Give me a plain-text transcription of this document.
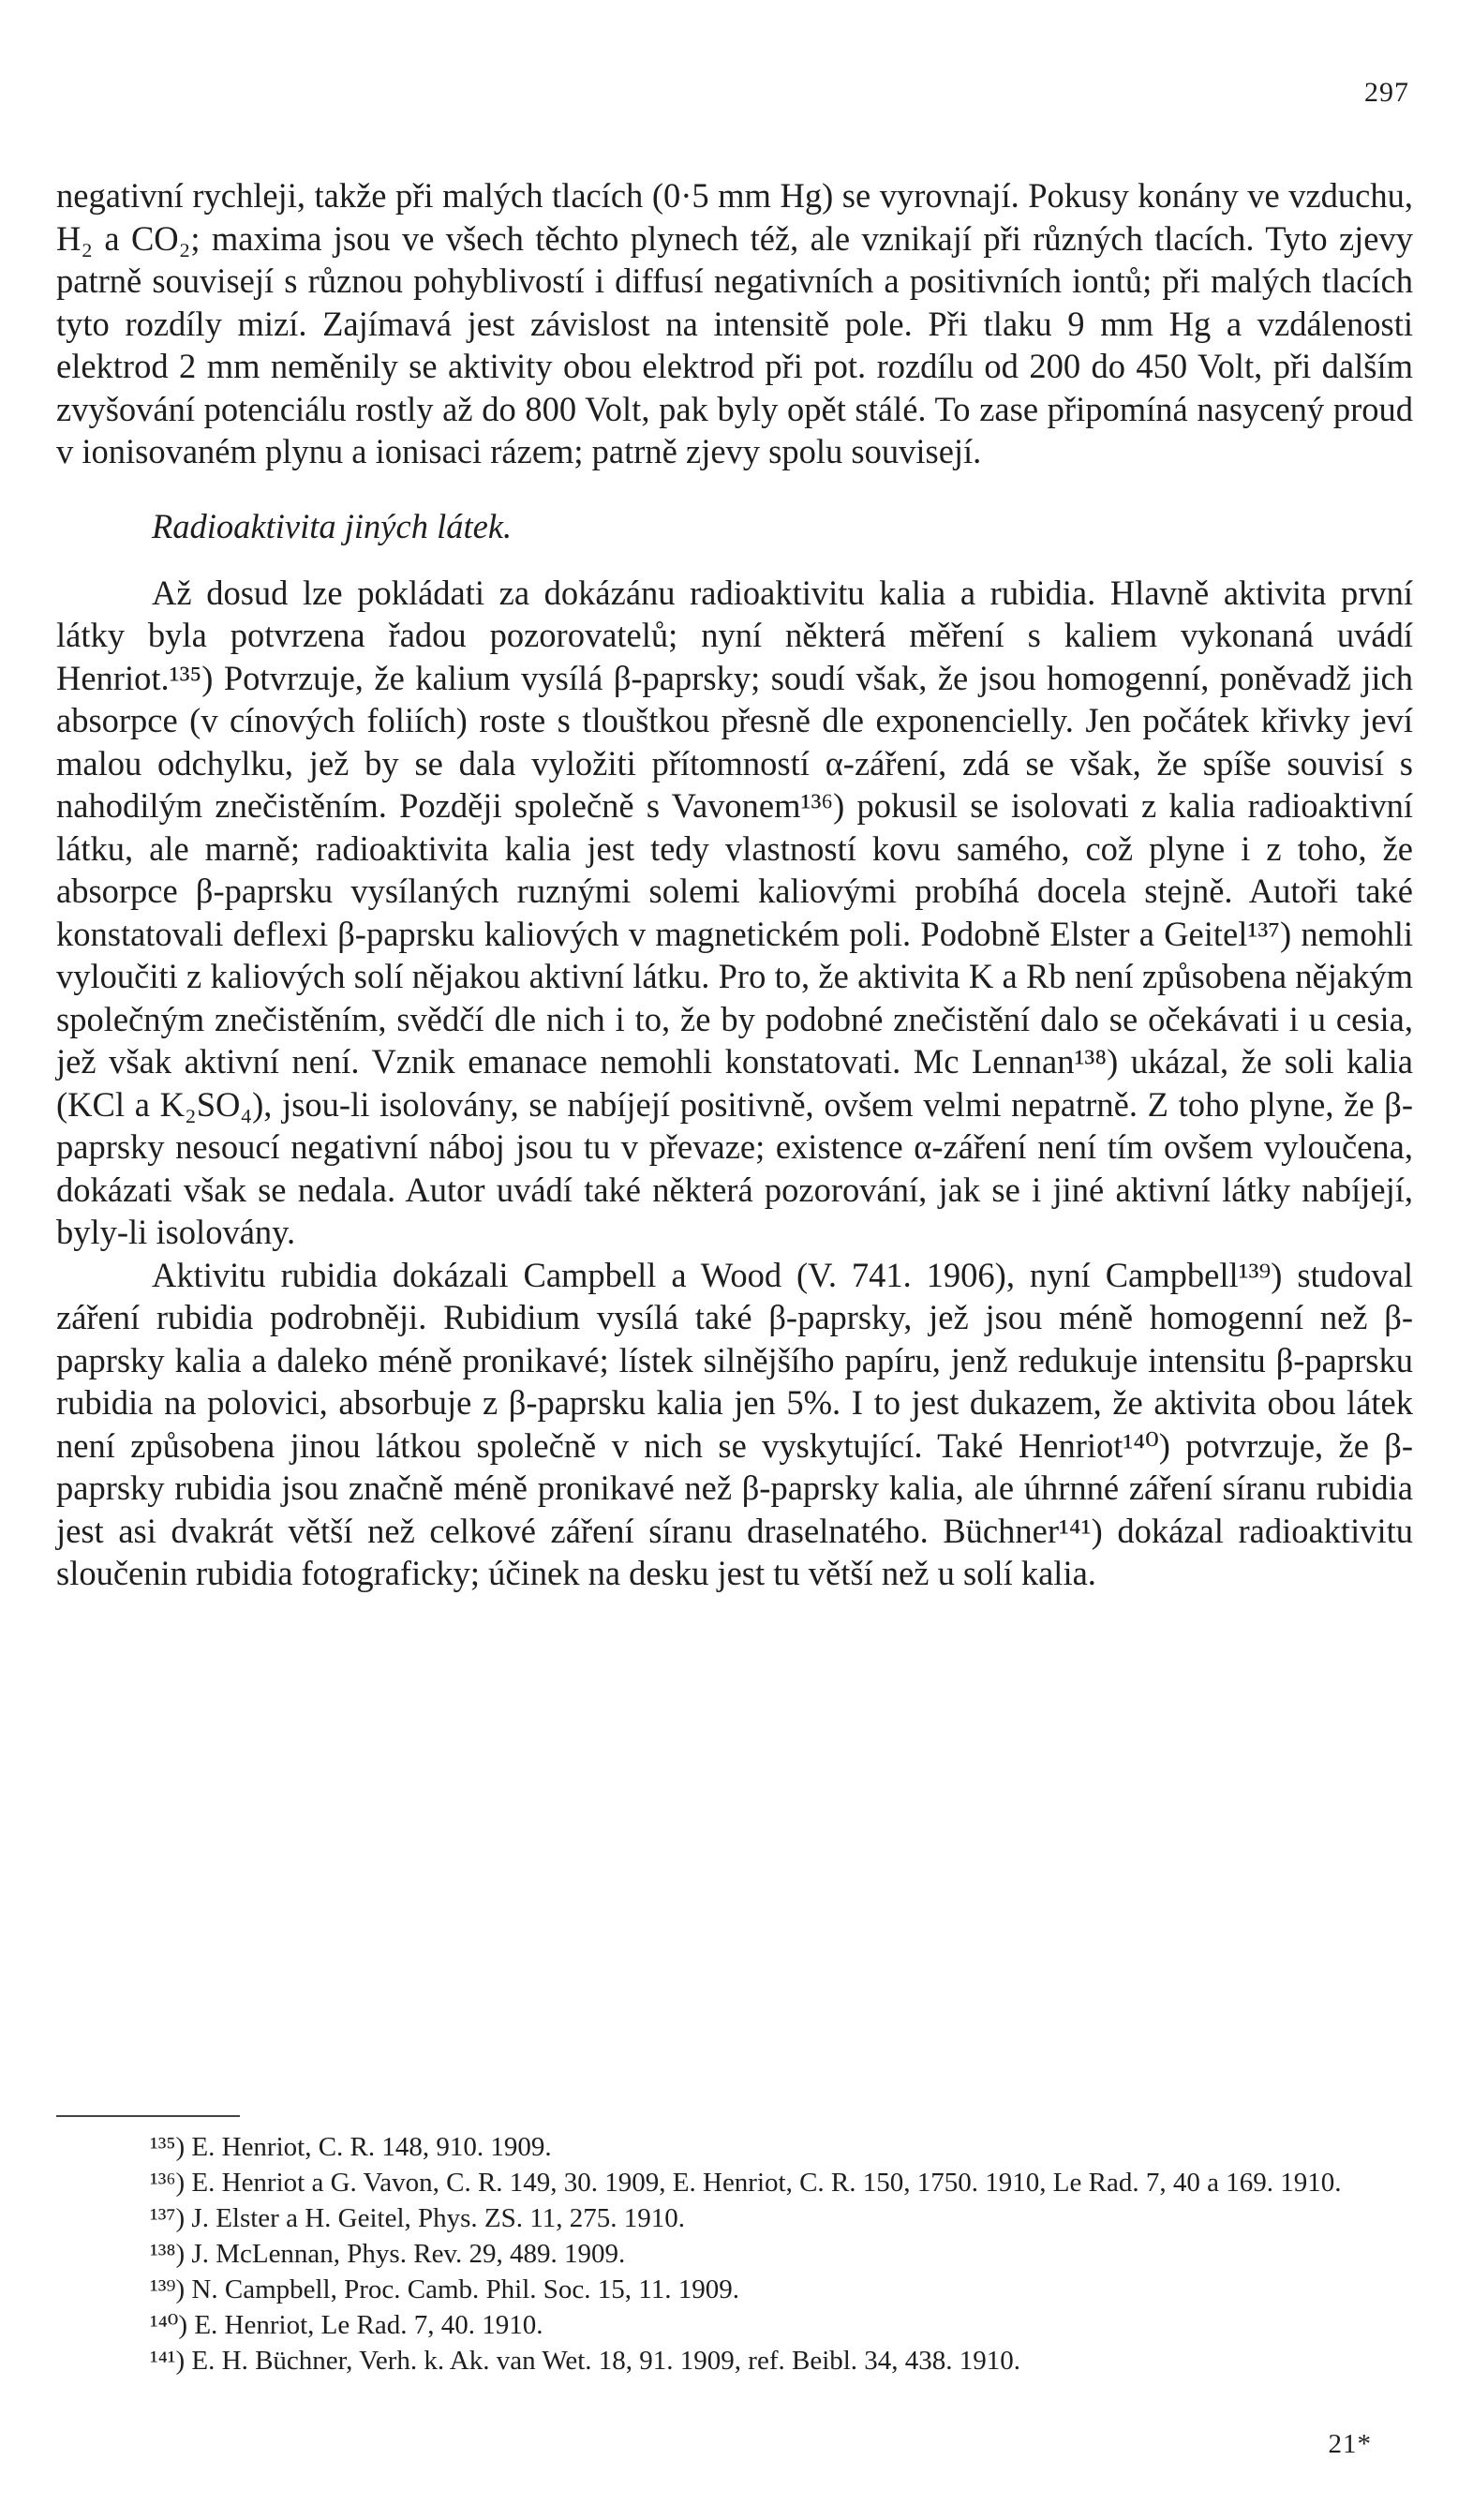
297

negativní rychleji, takže při malých tlacích (0·5 mm Hg) se vyrovnají. Pokusy konány ve vzduchu, H₂ a CO₂; maxima jsou ve všech těchto plynech též, ale vznikají při různých tlacích. Tyto zjevy patrně souvisejí s různou pohyblivostí i diffusí negativních a positivních iontů; při malých tlacích tyto rozdíly mizí. Zajímavá jest závislost na intensitě pole. Při tlaku 9 mm Hg a vzdálenosti elektrod 2 mm neměnily se aktivity obou elektrod při pot. rozdílu od 200 do 450 Volt, při dalším zvyšování potenciálu rostly až do 800 Volt, pak byly opět stálé. To zase připomíná nasycený proud v ionisovaném plynu a ionisaci rázem; patrně zjevy spolu souvisejí.

Radioaktivita jiných látek.

Až dosud lze pokládati za dokázánu radioaktivitu kalia a rubidia. Hlavně aktivita první látky byla potvrzena řadou pozorovatelů; nyní některá měření s kaliem vykonaná uvádí Henriot.¹³⁵) Potvrzuje, že kalium vysílá β-paprsky; soudí však, že jsou homogenní, poněvadž jich absorpce (v cínových foliích) roste s tlouštkou přesně dle exponencielly. Jen počátek křivky jeví malou odchylku, jež by se dala vyložiti přítomností α-záření, zdá se však, že spíše souvisí s nahodilým znečistěním. Později společně s Vavonem¹³⁶) pokusil se isolovati z kalia radioaktivní látku, ale marně; radioaktivita kalia jest tedy vlastností kovu samého, což plyne i z toho, že absorpce β-paprsku vysílaných ruznými solemi kaliovými probíhá docela stejně. Autoři také konstatovali deflexi β-paprsku kaliových v magnetickém poli. Podobně Elster a Geitel¹³⁷) nemohli vyloučiti z kaliových solí nějakou aktivní látku. Pro to, že aktivita K a Rb není způsobena nějakým společným znečistěním, svědčí dle nich i to, že by podobné znečistění dalo se očekávati i u cesia, jež však aktivní není. Vznik emanace nemohli konstatovati. Mc Lennan¹³⁸) ukázal, že soli kalia (KCl a K₂SO₄), jsou-li isolovány, se nabíjejí positivně, ovšem velmi nepatrně. Z toho plyne, že β-paprsky nesoucí negativní náboj jsou tu v převaze; existence α-záření není tím ovšem vyloučena, dokázati však se nedala. Autor uvádí také některá pozorování, jak se i jiné aktivní látky nabíjejí, byly-li isolovány.

Aktivitu rubidia dokázali Campbell a Wood (V. 741. 1906), nyní Campbell¹³⁹) studoval záření rubidia podrobněji. Rubidium vysílá také β-paprsky, jež jsou méně homogenní než β-paprsky kalia a daleko méně pronikavé; lístek silnějšího papíru, jenž redukuje intensitu β-paprsku rubidia na polovici, absorbuje z β-paprsku kalia jen 5%. I to jest dukazem, že aktivita obou látek není způsobena jinou látkou společně v nich se vyskytující. Také Henriot¹⁴⁰) potvrzuje, že β-paprsky rubidia jsou značně méně pronikavé než β-paprsky kalia, ale úhrnné záření síranu rubidia jest asi dvakrát větší než celkové záření síranu draselnatého. Büchner¹⁴¹) dokázal radioaktivitu sloučenin rubidia fotograficky; účinek na desku jest tu větší než u solí kalia.

¹³⁵) E. Henriot, C. R. 148, 910. 1909.

¹³⁶) E. Henriot a G. Vavon, C. R. 149, 30. 1909, E. Henriot, C. R. 150, 1750. 1910, Le Rad. 7, 40 a 169. 1910.

¹³⁷) J. Elster a H. Geitel, Phys. ZS. 11, 275. 1910.

¹³⁸) J. McLennan, Phys. Rev. 29, 489. 1909.

¹³⁹) N. Campbell, Proc. Camb. Phil. Soc. 15, 11. 1909.

¹⁴⁰) E. Henriot, Le Rad. 7, 40. 1910.

¹⁴¹) E. H. Büchner, Verh. k. Ak. van Wet. 18, 91. 1909, ref. Beibl. 34, 438. 1910.

21*
